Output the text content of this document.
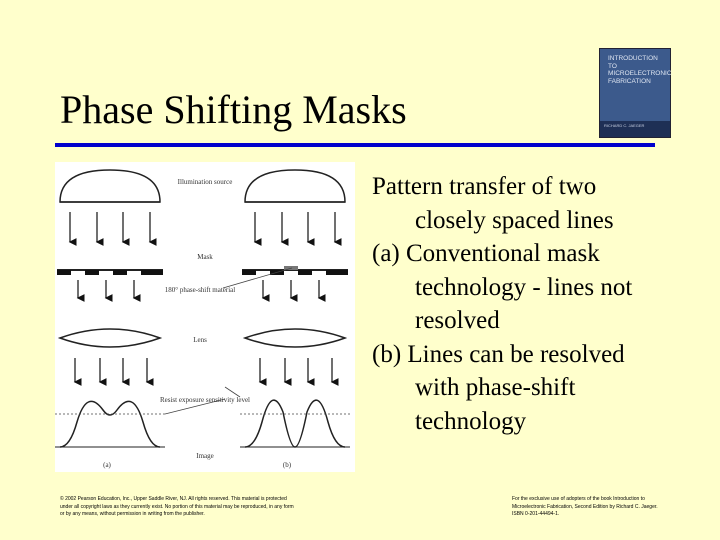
Phase Shifting Masks
INTRODUCTION TO MICROELECTRONIC FABRICATION
RICHARD C. JAEGER
Illumination source
Mask
180° phase-shift material
Lens
Resist exposure sensitivity level
Image
(a)	(b)
Pattern transfer of two
closely spaced lines
(a) Conventional mask
technology - lines not
resolved
(b) Lines can be resolved
with phase-shift
technology
© 2002 Pearson Education, Inc., Upper Saddle River, NJ. All rights reserved. This material is protected under all copyright laws as they currently exist. No portion of this material may be reproduced, in any form or by any means, without permission in writing from the publisher.
For the exclusive use of adopters of the book Introduction to Microelectronic Fabrication, Second Edition by Richard C. Jaeger. ISBN 0-201-44494-1.
